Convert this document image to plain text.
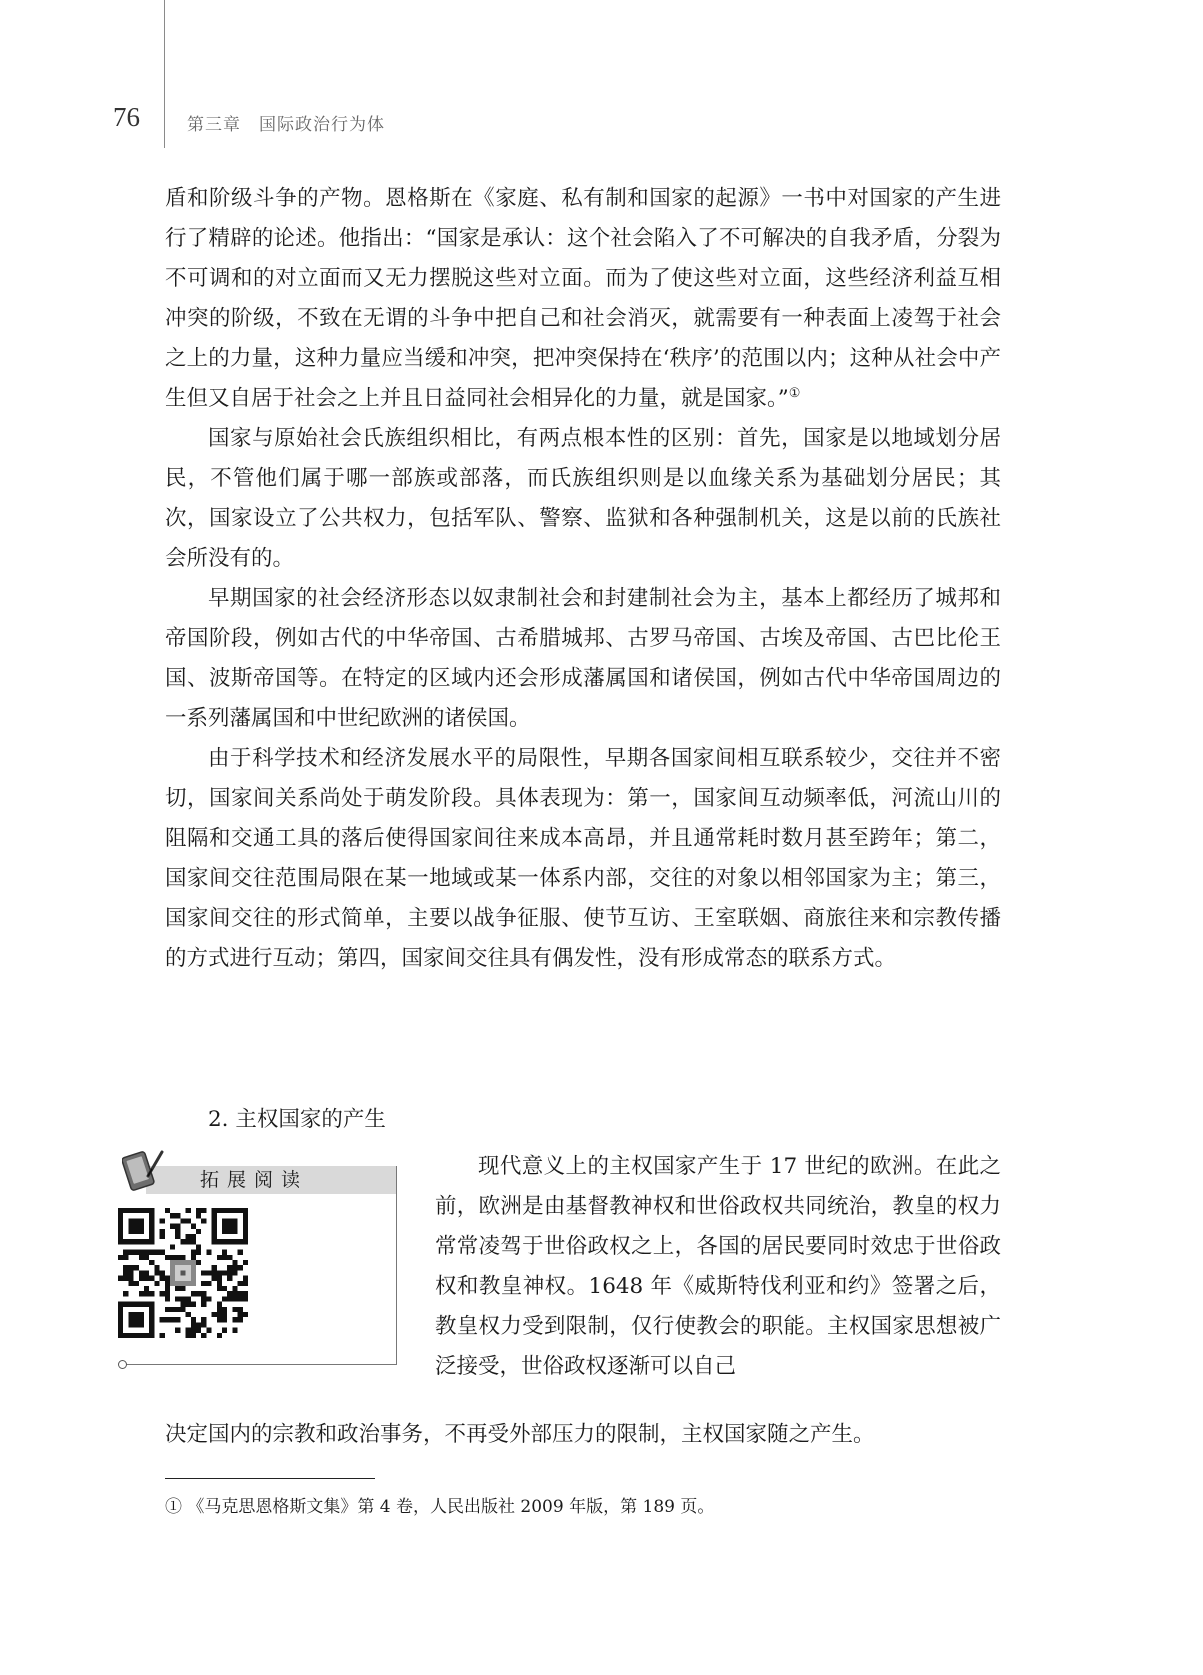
76	第三章 国际政治行为体

盾和阶级斗争的产物。恩格斯在《家庭、私有制和国家的起源》一书中对国家的产生进行了精辟的论述。他指出：“国家是承认：这个社会陷入了不可解决的自我矛盾，分裂为不可调和的对立面而又无力摆脱这些对立面。而为了使这些对立面，这些经济利益互相冲突的阶级，不致在无谓的斗争中把自己和社会消灭，就需要有一种表面上凌驾于社会之上的力量，这种力量应当缓和冲突，把冲突保持在‘秩序’的范围以内；这种从社会中产生但又自居于社会之上并且日益同社会相异化的力量，就是国家。”①

国家与原始社会氏族组织相比，有两点根本性的区别：首先，国家是以地域划分居民，不管他们属于哪一部族或部落，而氏族组织则是以血缘关系为基础划分居民；其次，国家设立了公共权力，包括军队、警察、监狱和各种强制机关，这是以前的氏族社会所没有的。

早期国家的社会经济形态以奴隶制社会和封建制社会为主，基本上都经历了城邦和帝国阶段，例如古代的中华帝国、古希腊城邦、古罗马帝国、古埃及帝国、古巴比伦王国、波斯帝国等。在特定的区域内还会形成藩属国和诸侯国，例如古代中华帝国周边的一系列藩属国和中世纪欧洲的诸侯国。

由于科学技术和经济发展水平的局限性，早期各国家间相互联系较少，交往并不密切，国家间关系尚处于萌发阶段。具体表现为：第一，国家间互动频率低，河流山川的阻隔和交通工具的落后使得国家间往来成本高昂，并且通常耗时数月甚至跨年；第二，国家间交往范围局限在某一地域或某一体系内部，交往的对象以相邻国家为主；第三，国家间交往的形式简单，主要以战争征服、使节互访、王室联姻、商旅往来和宗教传播的方式进行互动；第四，国家间交往具有偶发性，没有形成常态的联系方式。

2. 主权国家的产生
拓展阅读

现代意义上的主权国家产生于 17 世纪的欧洲。在此之前，欧洲是由基督教神权和世俗政权共同统治，教皇的权力常常凌驾于世俗政权之上，各国的居民要同时效忠于世俗政权和教皇神权。1648 年《威斯特伐利亚和约》签署之后，教皇权力受到限制，仅行使教会的职能。主权国家思想被广泛接受，世俗政权逐渐可以自己

决定国内的宗教和政治事务，不再受外部压力的限制，主权国家随之产生。
① 《马克思恩格斯文集》第 4 卷，人民出版社 2009 年版，第 189 页。
